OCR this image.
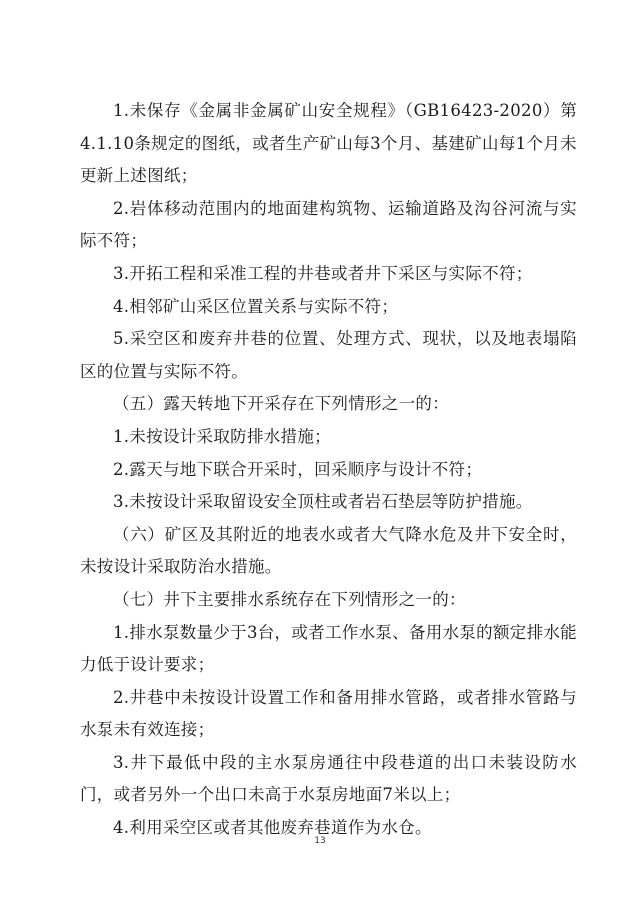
1.未保存《金属非金属矿山安全规程》（GB16423-2020）第4.1.10条规定的图纸，或者生产矿山每3个月、基建矿山每1个月未更新上述图纸；

2.岩体移动范围内的地面建构筑物、运输道路及沟谷河流与实际不符；

3.开拓工程和采准工程的井巷或者井下采区与实际不符；

4.相邻矿山采区位置关系与实际不符；

5.采空区和废弃井巷的位置、处理方式、现状，以及地表塌陷区的位置与实际不符。

（五）露天转地下开采存在下列情形之一的：

1.未按设计采取防排水措施；

2.露天与地下联合开采时，回采顺序与设计不符；

3.未按设计采取留设安全顶柱或者岩石垫层等防护措施。

（六）矿区及其附近的地表水或者大气降水危及井下安全时，未按设计采取防治水措施。

（七）井下主要排水系统存在下列情形之一的：

1.排水泵数量少于3台，或者工作水泵、备用水泵的额定排水能力低于设计要求；

2.井巷中未按设计设置工作和备用排水管路，或者排水管路与水泵未有效连接；

3.井下最低中段的主水泵房通往中段巷道的出口未装设防水门，或者另外一个出口未高于水泵房地面7米以上；

4.利用采空区或者其他废弃巷道作为水仓。

13
